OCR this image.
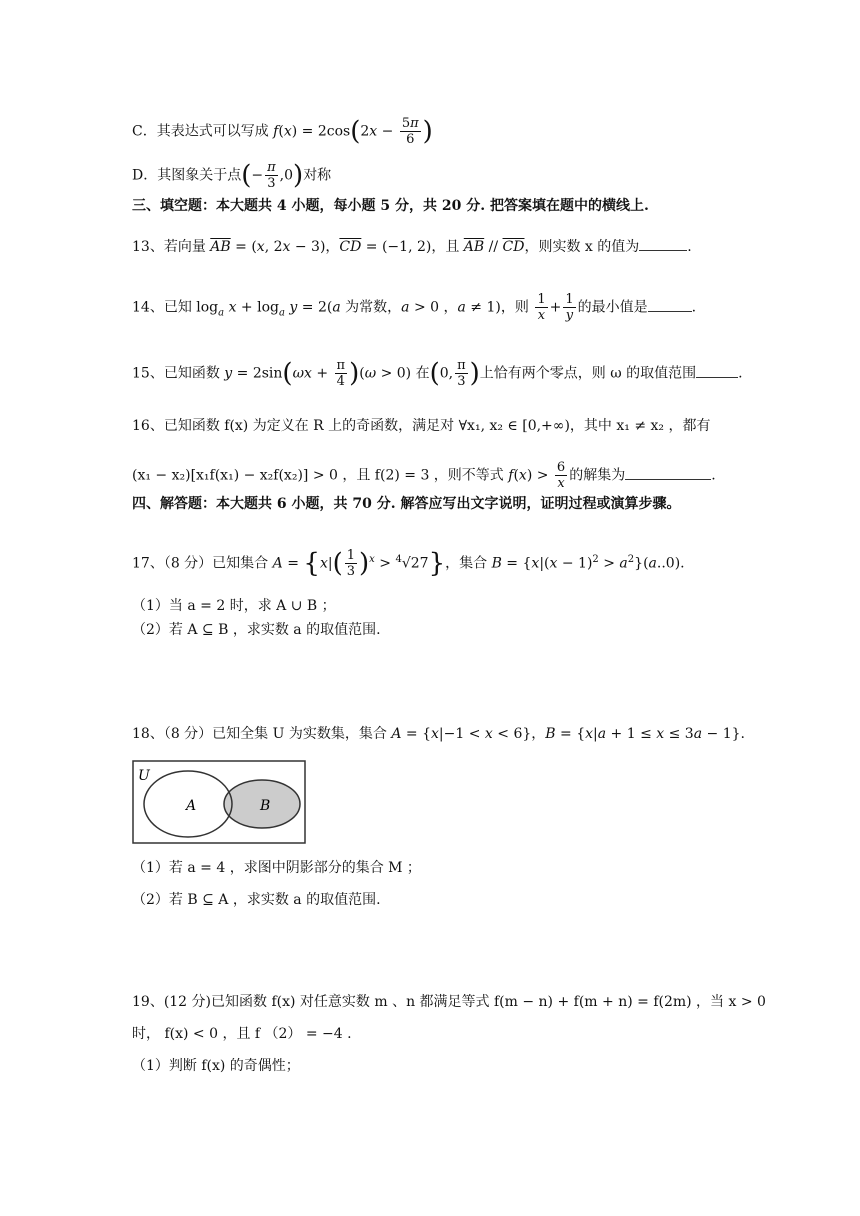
C．其表达式可以写成 $f(x) = 2\cos(2x - \frac{5\pi}{6}$ )
D．其图象关于点(− $\frac{\pi}{3} ,0$)对称
三、填空题：本大题共 4 小题，每小题 5 分，共 20 分. 把答案填在题中的横线上.
13、若向量 $\overline{AB} = (x$, 2x − 3)，$\overline{CD} = (-1$, 2)，且 $\overline{AB} // \overline{CD}$，则实数 x 的值为	.
14、已知 $\log_a x + \log_a y = 2(a$ 为常数，a > 0 ，a ≠ 1)，则 $\frac{1}{x} + \frac{1}{y}$ 的最小值是	.
15、已知函数 $y = 2\sin(\omega x + \frac{\pi}{4} )(\omega > 0)$ 在(0, $\frac{\pi}{3}$ )上恰有两个零点，则 ω 的取值范围	.
16、已知函数 f(x) 为定义在 R 上的奇函数，满足对 ∀x₁, x₂ ∈ [0,+∞)，其中 x₁ ≠ x₂ ，都有
(x₁ − x₂)[x₁f(x₁) − x₂f(x₂)] > 0 ，且 f(2) = 3 ，则不等式 $f(x) > \frac{6}{x}$ 的解集为	.
四、解答题：本大题共 6 小题，共 70 分. 解答应写出文字说明，证明过程或演算步骤。
17、（8 分）已知集合 $A = \{x|( \frac{1}{3} )^x > ^4√27\}$，集合 $B = \{x|(x - 1)^2 > a^2\}(a..0)$.
（1）当 a = 2 时，求 A ∪ B ；
（2）若 A ⊆ B ，求实数 a 的取值范围.
18、（8 分）已知全集 U 为实数集，集合 A = {x|−1 < x < 6}，B = {x|a + 1 ≤ x ≤ 3a − 1}.
U
A	B
（1）若 a = 4 ，求图中阴影部分的集合 M ；
（2）若 B ⊆ A ，求实数 a 的取值范围.
19、(12 分)已知函数 f(x) 对任意实数 m 、n 都满足等式 f(m − n) + f(m + n) = f(2m) ，当 x > 0
时， f(x) < 0 ，且 f （2） = −4 .
（1）判断 f(x) 的奇偶性；
